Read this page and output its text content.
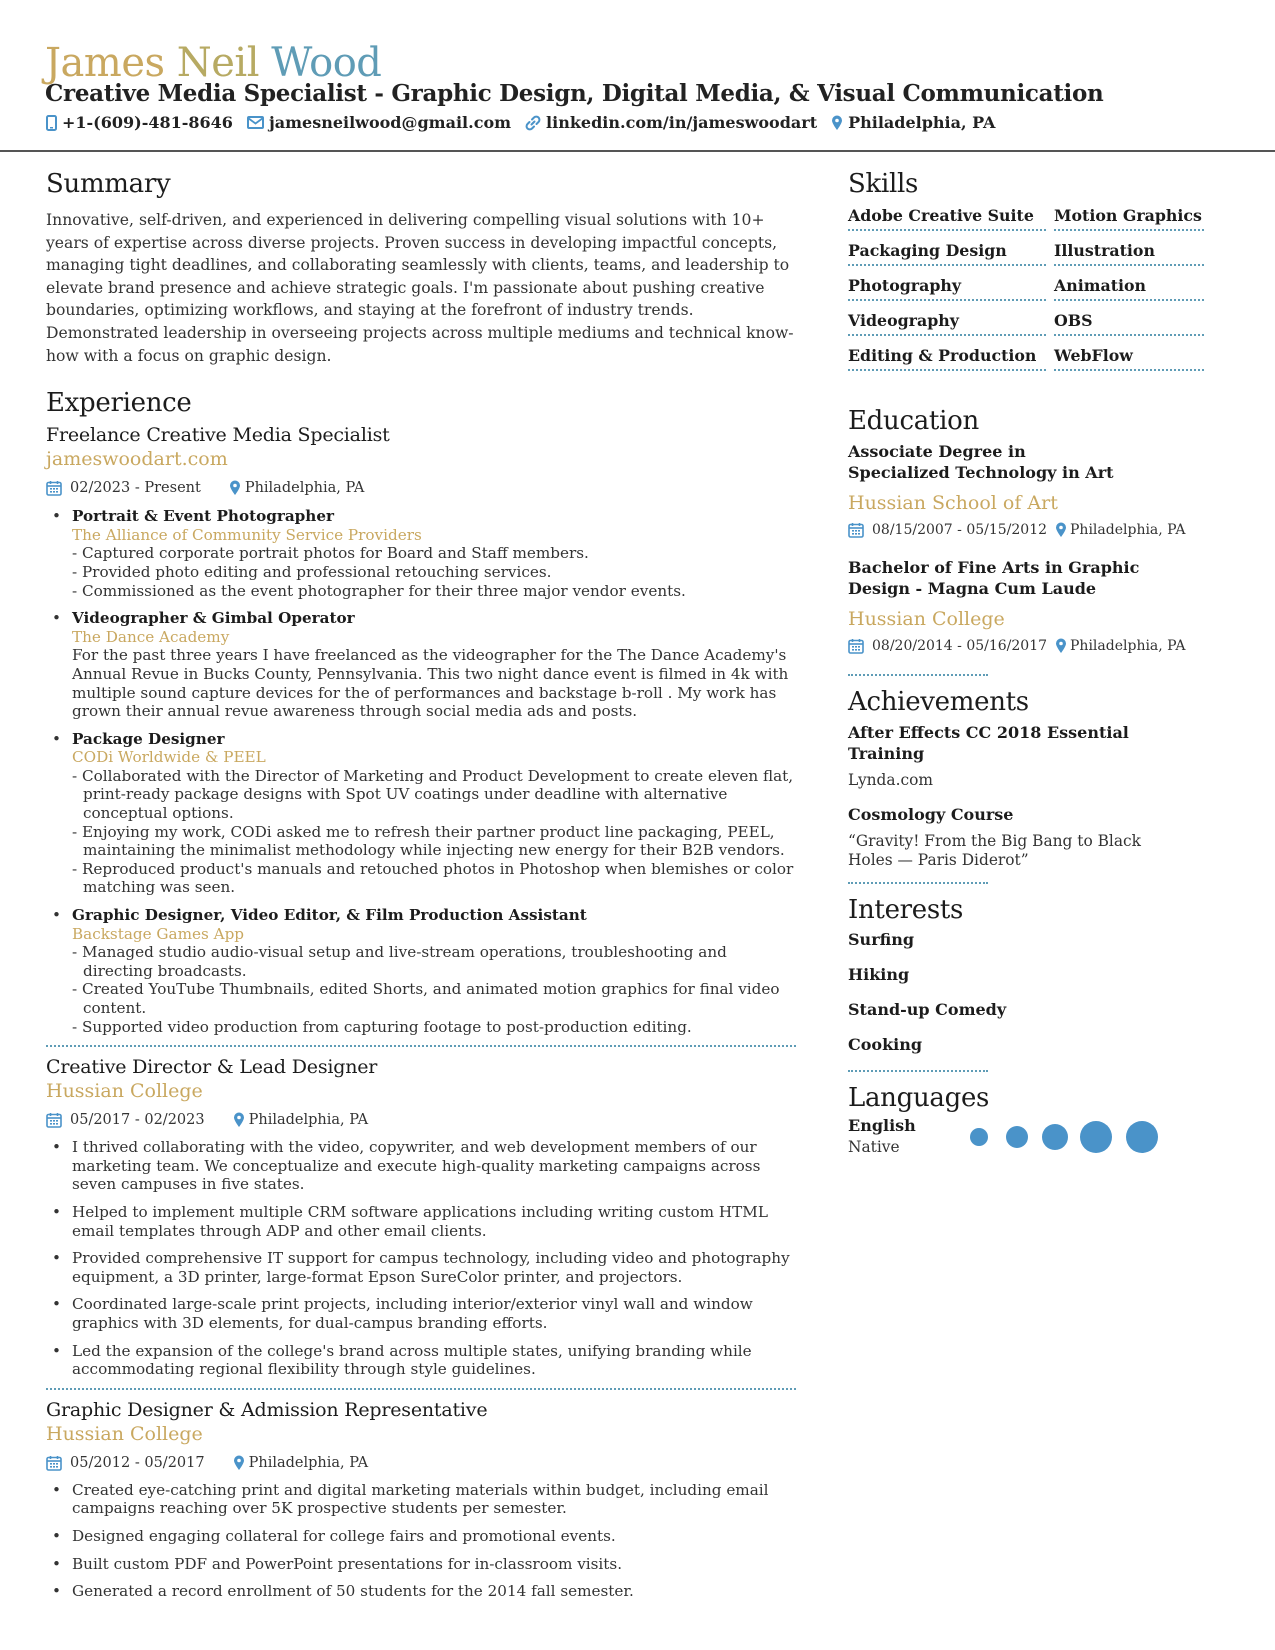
James Neil Wood
Creative Media Specialist - Graphic Design, Digital Media, & Visual Communication
+1-(609)-481-8646 jamesneilwood@gmail.com linkedin.com/in/jameswoodart Philadelphia, PA
Summary
Innovative, self-driven, and experienced in delivering compelling visual solutions with 10+ years of expertise across diverse projects. Proven success in developing impactful concepts, managing tight deadlines, and collaborating seamlessly with clients, teams, and leadership to elevate brand presence and achieve strategic goals. I'm passionate about pushing creative boundaries, optimizing workflows, and staying at the forefront of industry trends. Demonstrated leadership in overseeing projects across multiple mediums and technical know-how with a focus on graphic design.
Experience
Freelance Creative Media Specialist
jameswoodart.com
02/2023 - Present	Philadelphia, PA
• Portrait & Event Photographer
The Alliance of Community Service Providers
- Captured corporate portrait photos for Board and Staff members.
- Provided photo editing and professional retouching services.
- Commissioned as the event photographer for their three major vendor events.
• Videographer & Gimbal Operator
The Dance Academy
For the past three years I have freelanced as the videographer for the The Dance Academy's Annual Revue in Bucks County, Pennsylvania. This two night dance event is filmed in 4k with multiple sound capture devices for the of performances and backstage b-roll . My work has grown their annual revue awareness through social media ads and posts.
• Package Designer
CODi Worldwide & PEEL
- Collaborated with the Director of Marketing and Product Development to create eleven flat, print-ready package designs with Spot UV coatings under deadline with alternative conceptual options.
- Enjoying my work, CODi asked me to refresh their partner product line packaging, PEEL, maintaining the minimalist methodology while injecting new energy for their B2B vendors.
- Reproduced product's manuals and retouched photos in Photoshop when blemishes or color matching was seen.
• Graphic Designer, Video Editor, & Film Production Assistant
Backstage Games App
- Managed studio audio-visual setup and live-stream operations, troubleshooting and directing broadcasts.
- Created YouTube Thumbnails, edited Shorts, and animated motion graphics for final video content.
- Supported video production from capturing footage to post-production editing.
Creative Director & Lead Designer
Hussian College
05/2017 - 02/2023	Philadelphia, PA
• I thrived collaborating with the video, copywriter, and web development members of our marketing team. We conceptualize and execute high-quality marketing campaigns across seven campuses in five states.
• Helped to implement multiple CRM software applications including writing custom HTML email templates through ADP and other email clients.
• Provided comprehensive IT support for campus technology, including video and photography equipment, a 3D printer, large-format Epson SureColor printer, and projectors.
• Coordinated large-scale print projects, including interior/exterior vinyl wall and window graphics with 3D elements, for dual-campus branding efforts.
• Led the expansion of the college's brand across multiple states, unifying branding while accommodating regional flexibility through style guidelines.
Graphic Designer & Admission Representative
Hussian College
05/2012 - 05/2017	Philadelphia, PA
• Created eye-catching print and digital marketing materials within budget, including email campaigns reaching over 5K prospective students per semester.
• Designed engaging collateral for college fairs and promotional events.
• Built custom PDF and PowerPoint presentations for in-classroom visits.
• Generated a record enrollment of 50 students for the 2014 fall semester.
Skills
Adobe Creative Suite	Motion Graphics
Packaging Design	Illustration
Photography	Animation
Videography	OBS
Editing & Production	WebFlow
Education
Associate Degree in Specialized Technology in Art
Hussian School of Art
08/15/2007 - 05/15/2012 Philadelphia, PA
Bachelor of Fine Arts in Graphic Design - Magna Cum Laude
Hussian College
08/20/2014 - 05/16/2017 Philadelphia, PA
Achievements
After Effects CC 2018 Essential Training
Lynda.com
Cosmology Course
“Gravity! From the Big Bang to Black Holes — Paris Diderot”
Interests
Surfing
Hiking
Stand-up Comedy
Cooking
Languages
English
Native
